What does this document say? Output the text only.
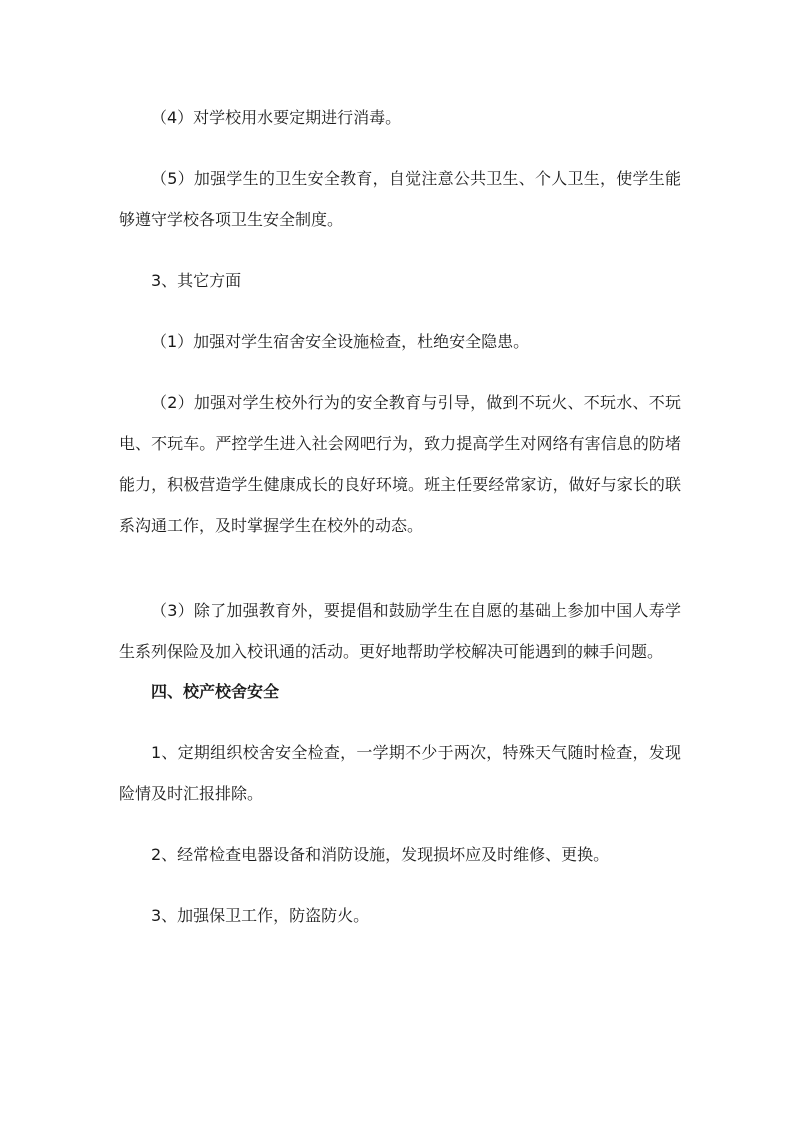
（4）对学校用水要定期进行消毒。

（5）加强学生的卫生安全教育，自觉注意公共卫生、个人卫生，使学生能够遵守学校各项卫生安全制度。

3、其它方面

（1）加强对学生宿舍安全设施检查，杜绝安全隐患。

（2）加强对学生校外行为的安全教育与引导，做到不玩火、不玩水、不玩电、不玩车。严控学生进入社会网吧行为，致力提高学生对网络有害信息的防堵能力，积极营造学生健康成长的良好环境。班主任要经常家访，做好与家长的联系沟通工作，及时掌握学生在校外的动态。

（3）除了加强教育外，要提倡和鼓励学生在自愿的基础上参加中国人寿学生系列保险及加入校讯通的活动。更好地帮助学校解决可能遇到的棘手问题。

四、校产校舍安全

1、定期组织校舍安全检查，一学期不少于两次，特殊天气随时检查，发现险情及时汇报排除。

2、经常检查电器设备和消防设施，发现损坏应及时维修、更换。

3、加强保卫工作，防盗防火。
